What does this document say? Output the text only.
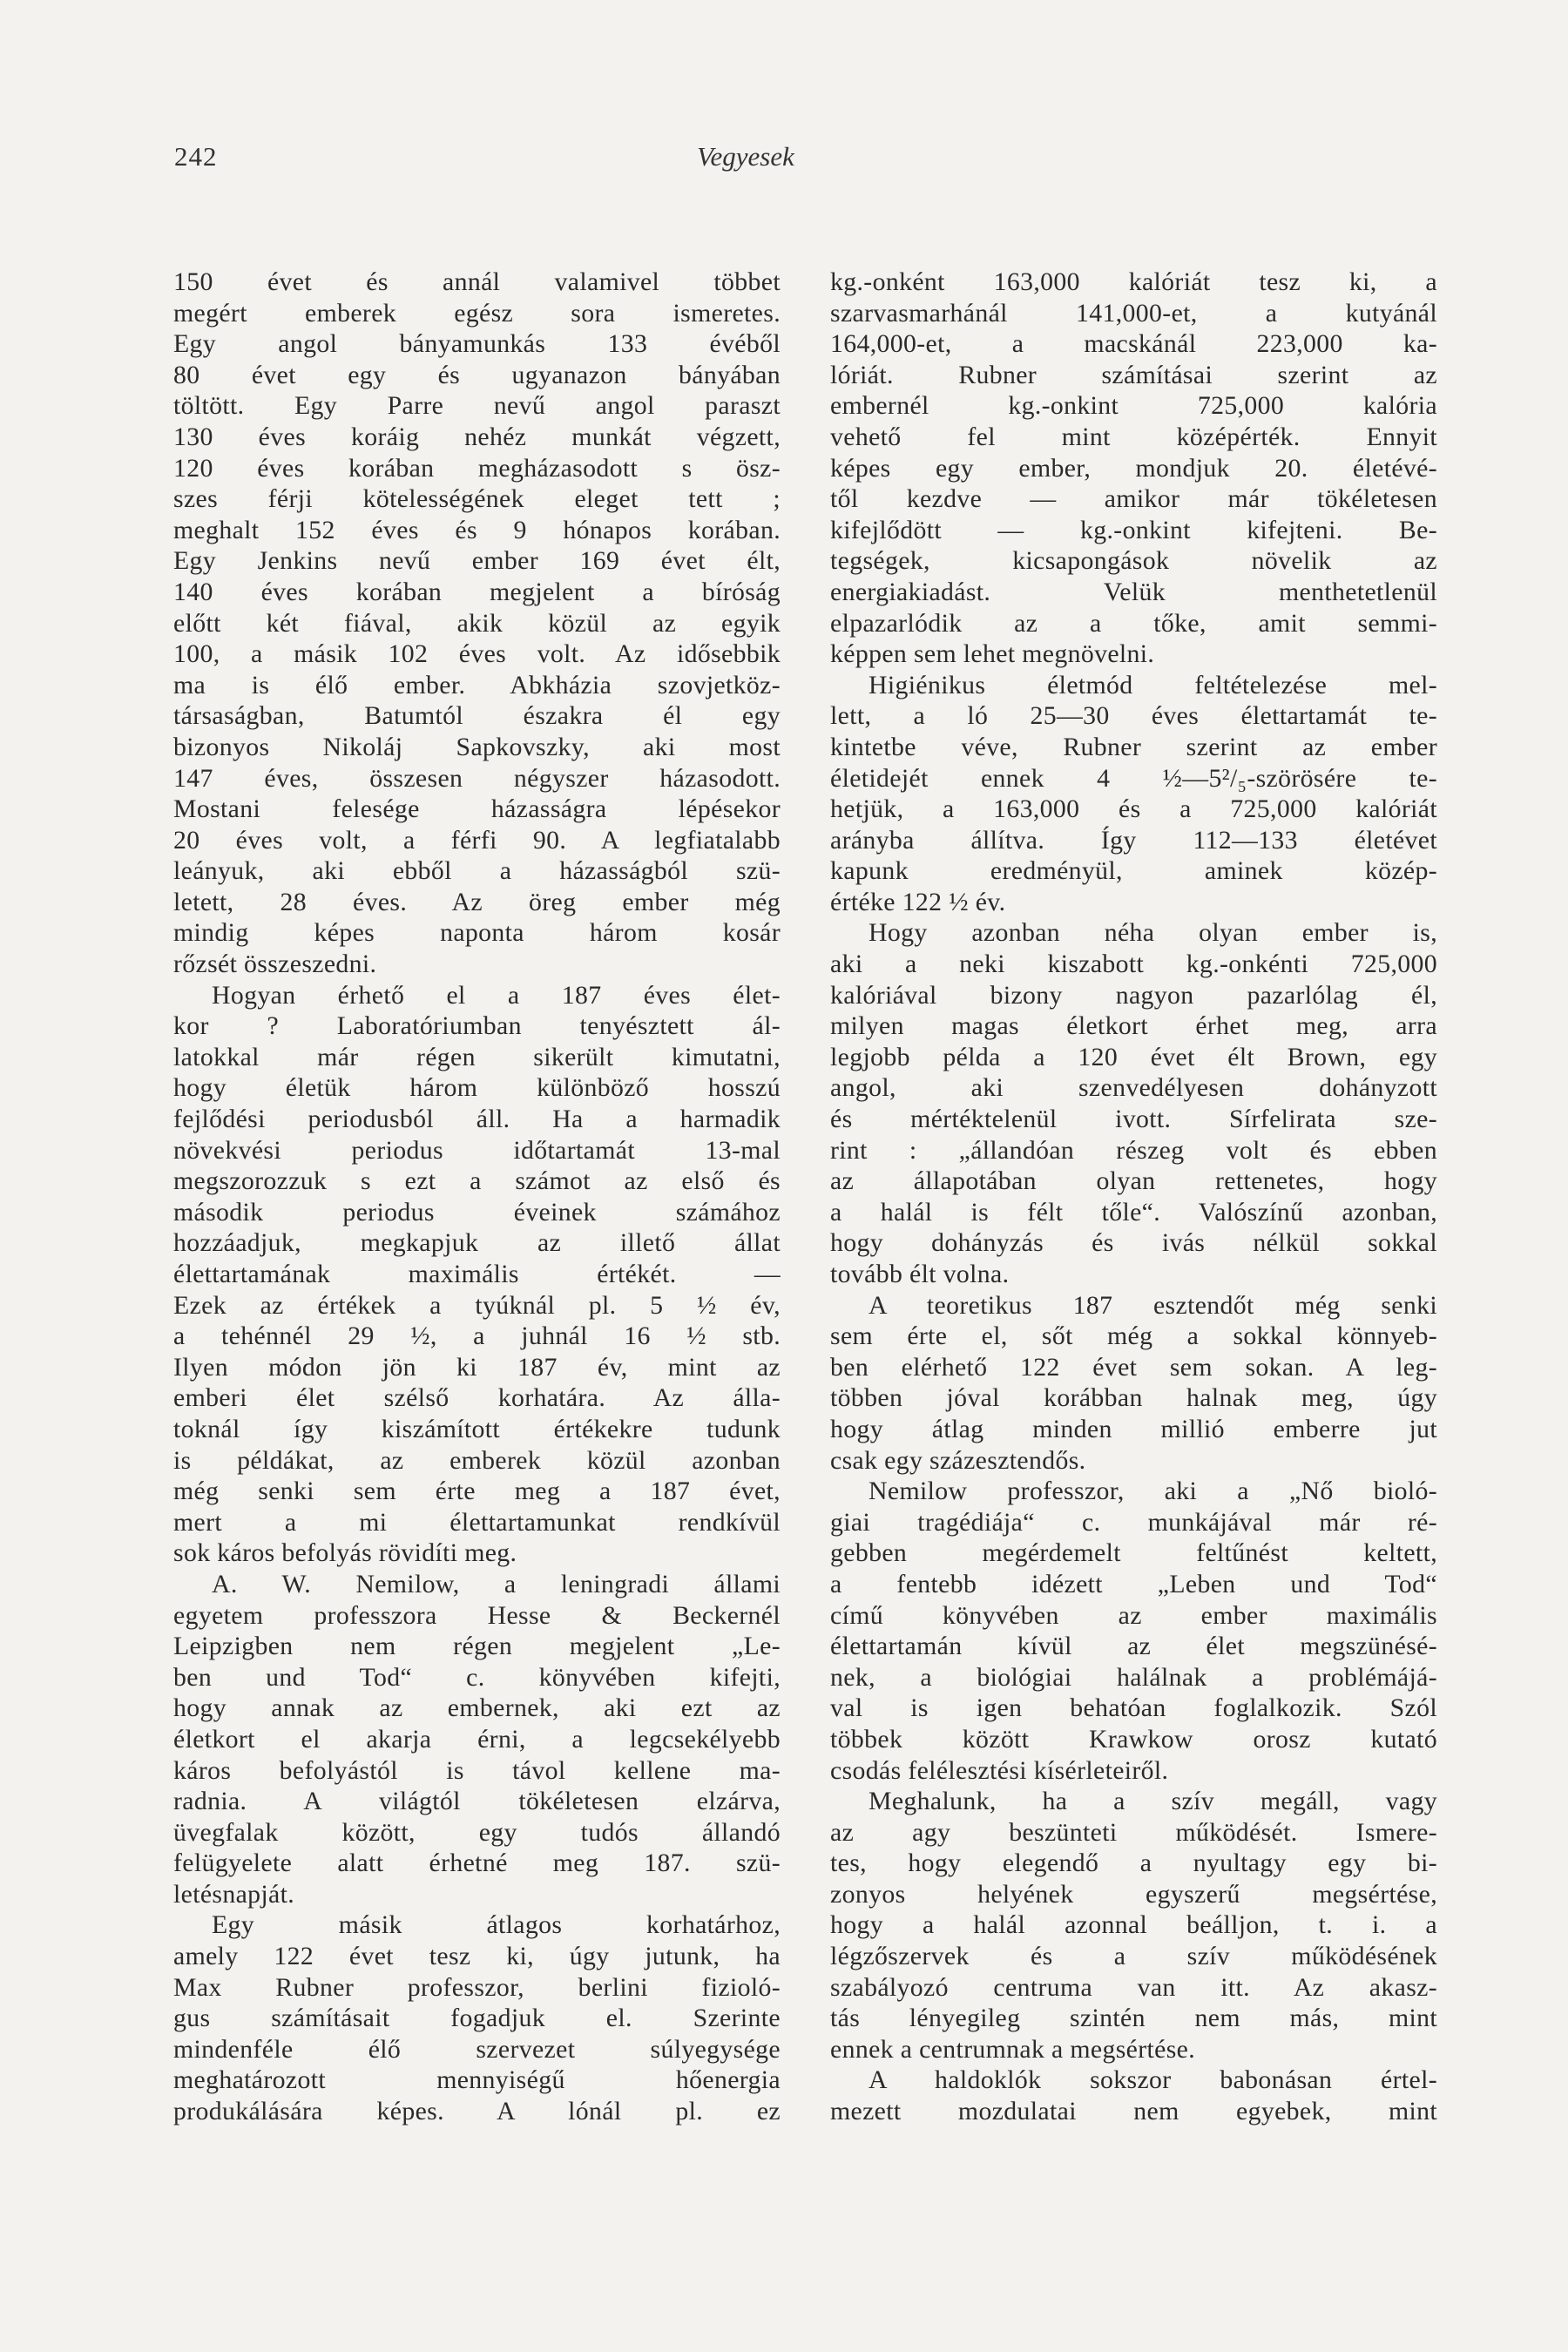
242	Vegyesek
150 évet és annál valamivel többet
megért emberek egész sora ismeretes.
Egy angol bányamunkás 133 évéből
80 évet egy és ugyanazon bányában
töltött. Egy Parre nevű angol paraszt
130 éves koráig nehéz munkát végzett,
120 éves korában megházasodott s ösz-
szes férji kötelességének eleget tett ;
meghalt 152 éves és 9 hónapos korában.
Egy Jenkins nevű ember 169 évet élt,
140 éves korában megjelent a bíróság
előtt két fiával, akik közül az egyik
100, a másik 102 éves volt. Az idősebbik
ma is élő ember. Abkházia szovjetköz-
társaságban, Batumtól északra él egy
bizonyos Nikoláj Sapkovszky, aki most
147 éves, összesen négyszer házasodott.
Mostani felesége házasságra lépésekor
20 éves volt, a férfi 90. A legfiatalabb
leányuk, aki ebből a házasságból szü-
letett, 28 éves. Az öreg ember még
mindig képes naponta három kosár
rőzsét összeszedni.
Hogyan érhető el a 187 éves élet-
kor ? Laboratóriumban tenyésztett ál-
latokkal már régen sikerült kimutatni,
hogy életük három különböző hosszú
fejlődési periodusból áll. Ha a harmadik
növekvési periodus időtartamát 13-mal
megszorozzuk s ezt a számot az első és
második periodus éveinek számához
hozzáadjuk, megkapjuk az illető állat
élettartamának maximális értékét. —
Ezek az értékek a tyúknál pl. 5 ½ év,
a tehénnél 29 ½, a juhnál 16 ½ stb.
Ilyen módon jön ki 187 év, mint az
emberi élet szélső korhatára. Az álla-
toknál így kiszámított értékekre tudunk
is példákat, az emberek közül azonban
még senki sem érte meg a 187 évet,
mert a mi élettartamunkat rendkívül
sok káros befolyás rövidíti meg.
A. W. Nemilow, a leningradi állami
egyetem professzora Hesse & Beckernél
Leipzigben nem régen megjelent „Le-
ben und Tod“ c. könyvében kifejti,
hogy annak az embernek, aki ezt az
életkort el akarja érni, a legcsekélyebb
káros befolyástól is távol kellene ma-
radnia. A világtól tökéletesen elzárva,
üvegfalak között, egy tudós állandó
felügyelete alatt érhetné meg 187. szü-
letésnapját.
Egy másik átlagos korhatárhoz,
amely 122 évet tesz ki, úgy jutunk, ha
Max Rubner professzor, berlini fizioló-
gus számításait fogadjuk el. Szerinte
mindenféle élő szervezet súlyegysége
meghatározott mennyiségű hőenergia
produkálására képes. A lónál pl. ez
kg.-onként 163,000 kalóriát tesz ki, a
szarvasmarhánál 141,000-et, a kutyánál
164,000-et, a macskánál 223,000 ka-
lóriát. Rubner számításai szerint az
embernél kg.-onkint 725,000 kalória
vehető fel mint középérték. Ennyit
képes egy ember, mondjuk 20. életévé-
től kezdve — amikor már tökéletesen
kifejlődött — kg.-onkint kifejteni. Be-
tegségek, kicsapongások növelik az
energiakiadást. Velük menthetetlenül
elpazarlódik az a tőke, amit semmi-
képpen sem lehet megnövelni.
Higiénikus életmód feltételezése mel-
lett, a ló 25—30 éves élettartamát te-
kintetbe véve, Rubner szerint az ember
életidejét ennek 4 ½—5²/₅-szörösére te-
hetjük, a 163,000 és a 725,000 kalóriát
arányba állítva. Így 112—133 életévet
kapunk eredményül, aminek közép-
értéke 122 ½ év.
Hogy azonban néha olyan ember is,
aki a neki kiszabott kg.-onkénti 725,000
kalóriával bizony nagyon pazarlólag él,
milyen magas életkort érhet meg, arra
legjobb példa a 120 évet élt Brown, egy
angol, aki szenvedélyesen dohányzott
és mértéktelenül ivott. Sírfelirata sze-
rint : „állandóan részeg volt és ebben
az állapotában olyan rettenetes, hogy
a halál is félt tőle“. Valószínű azonban,
hogy dohányzás és ivás nélkül sokkal
tovább élt volna.
A teoretikus 187 esztendőt még senki
sem érte el, sőt még a sokkal könnyeb-
ben elérhető 122 évet sem sokan. A leg-
többen jóval korábban halnak meg, úgy
hogy átlag minden millió emberre jut
csak egy százesztendős.
Nemilow professzor, aki a „Nő bioló-
giai tragédiája“ c. munkájával már ré-
gebben megérdemelt feltűnést keltett,
a fentebb idézett „Leben und Tod“
című könyvében az ember maximális
élettartamán kívül az élet megszünésé-
nek, a biológiai halálnak a problémájá-
val is igen behatóan foglalkozik. Szól
többek között Krawkow orosz kutató
csodás felélesztési kísérleteiről.
Meghalunk, ha a szív megáll, vagy
az agy beszünteti működését. Ismere-
tes, hogy elegendő a nyultagy egy bi-
zonyos helyének egyszerű megsértése,
hogy a halál azonnal beálljon, t. i. a
légzőszervek és a szív működésének
szabályozó centruma van itt. Az akasz-
tás lényegileg szintén nem más, mint
ennek a centrumnak a megsértése.
A haldoklók sokszor babonásan értel-
mezett mozdulatai nem egyebek, mint
